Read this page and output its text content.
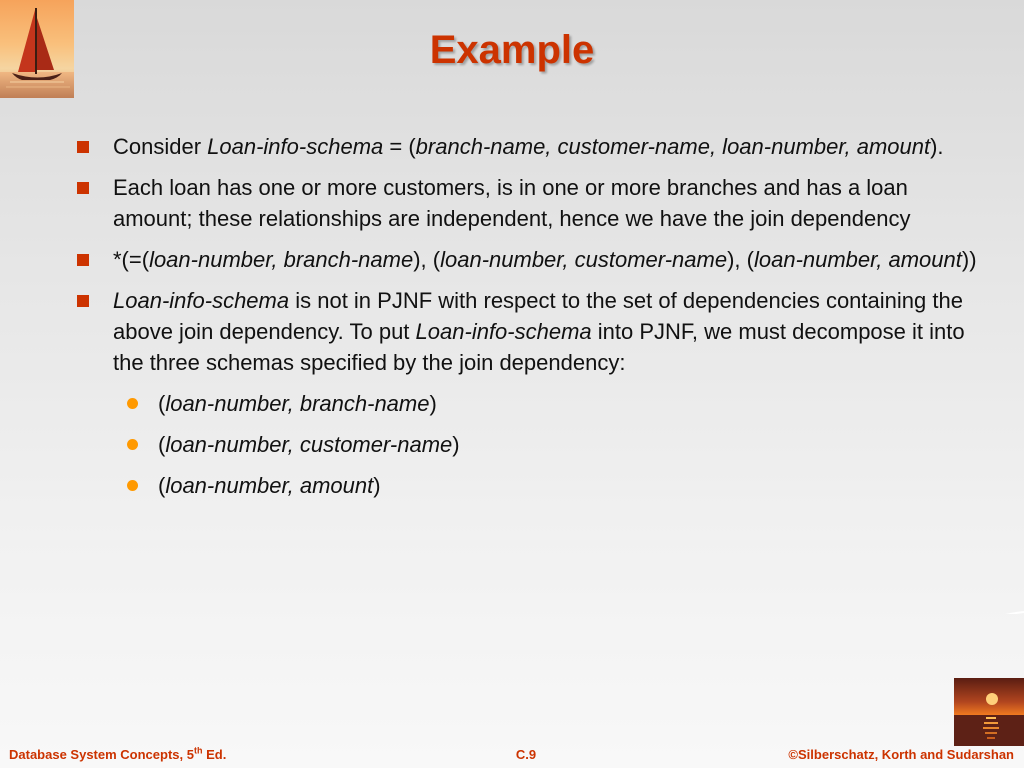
Example
Consider Loan-info-schema = (branch-name, customer-name, loan-number, amount).
Each loan has one or more customers, is in one or more branches and has a loan amount; these relationships are independent, hence we have the join dependency
*(=(loan-number, branch-name), (loan-number, customer-name), (loan-number, amount))
Loan-info-schema is not in PJNF with respect to the set of dependencies containing the above join dependency. To put Loan-info-schema into PJNF, we must decompose it into the three schemas specified by the join dependency:
(loan-number, branch-name)
(loan-number, customer-name)
(loan-number, amount)
Database System Concepts, 5th Ed.	C.9	©Silberschatz, Korth and Sudarshan
